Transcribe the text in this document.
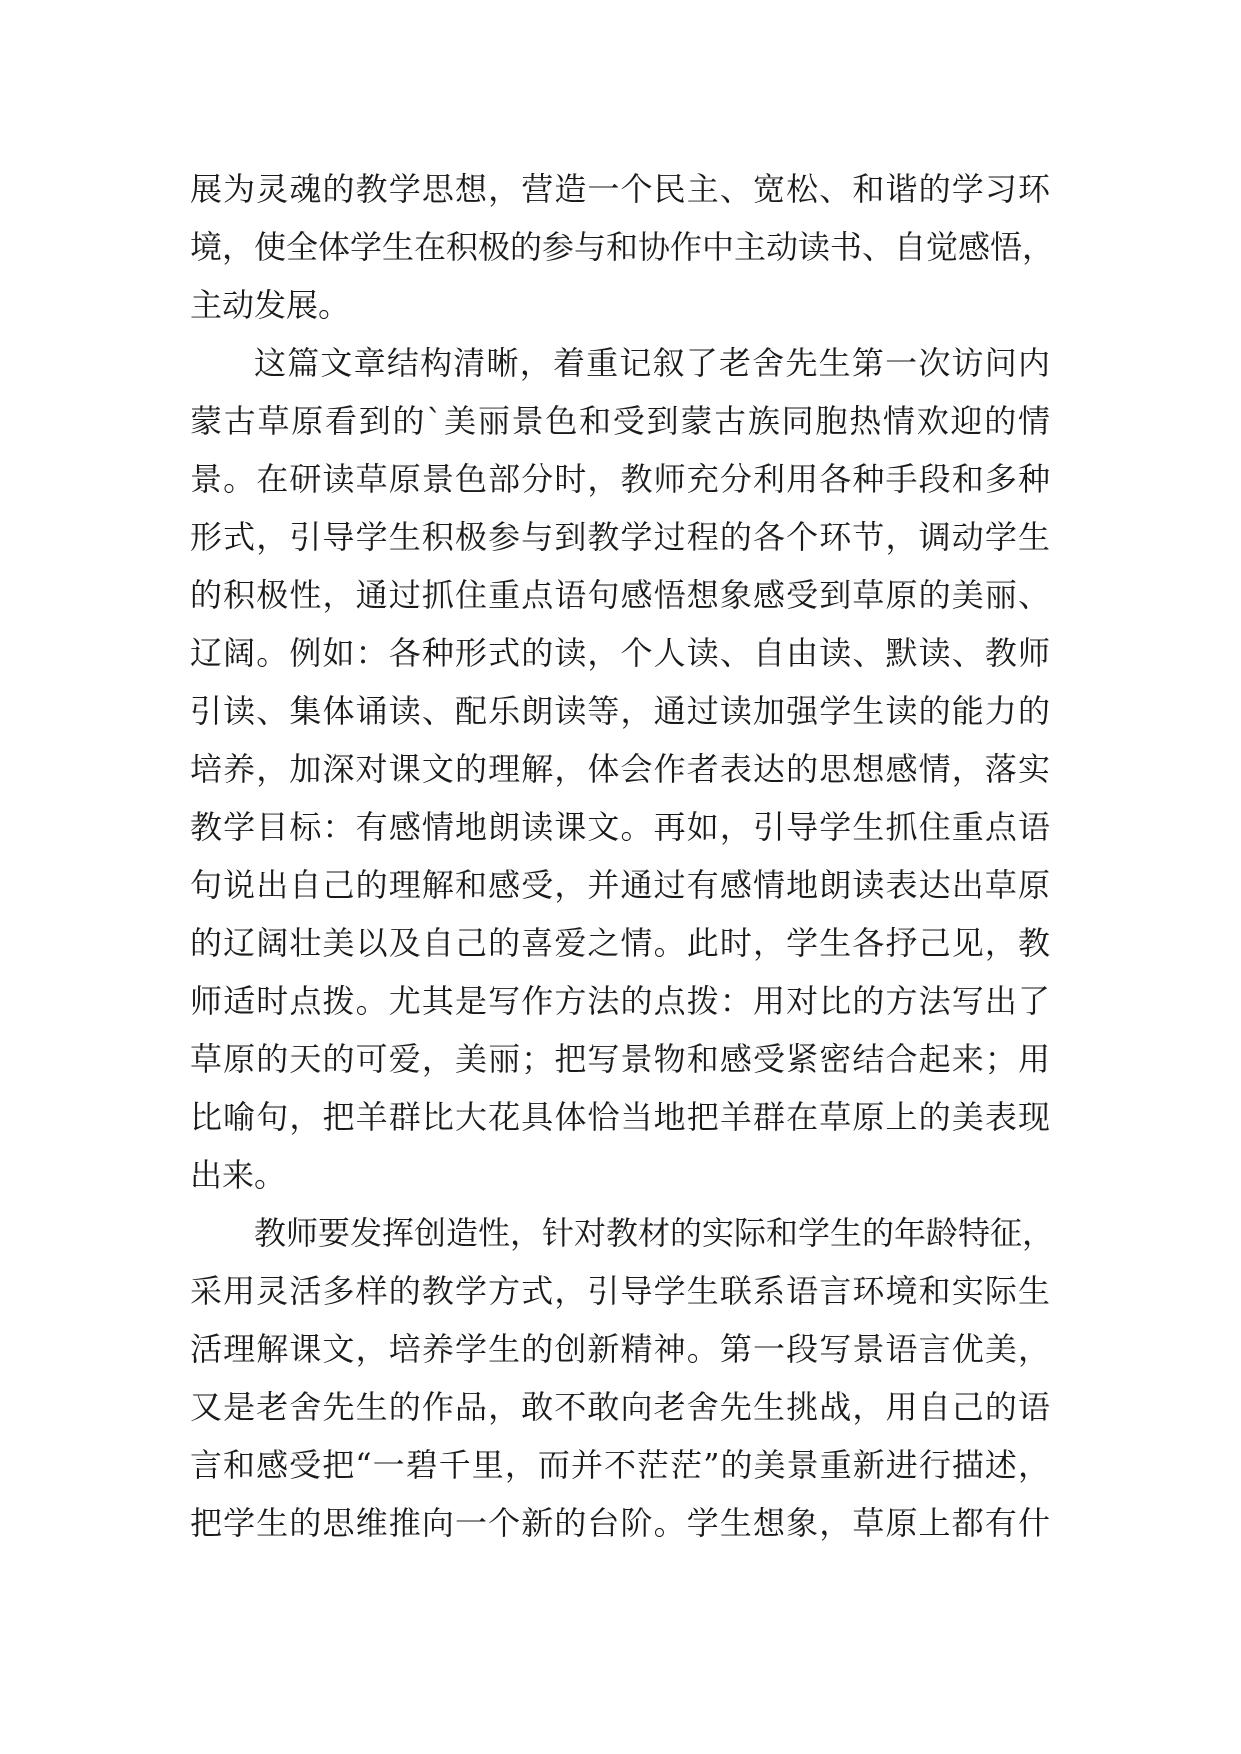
展为灵魂的教学思想，营造一个民主、宽松、和谐的学习环
境，使全体学生在积极的参与和协作中主动读书、自觉感悟，
主动发展。
这篇文章结构清晰，着重记叙了老舍先生第一次访问内
蒙古草原看到的`美丽景色和受到蒙古族同胞热情欢迎的情
景。在研读草原景色部分时，教师充分利用各种手段和多种
形式，引导学生积极参与到教学过程的各个环节，调动学生
的积极性，通过抓住重点语句感悟想象感受到草原的美丽、
辽阔。例如：各种形式的读，个人读、自由读、默读、教师
引读、集体诵读、配乐朗读等，通过读加强学生读的能力的
培养，加深对课文的理解，体会作者表达的思想感情，落实
教学目标：有感情地朗读课文。再如，引导学生抓住重点语
句说出自己的理解和感受，并通过有感情地朗读表达出草原
的辽阔壮美以及自己的喜爱之情。此时，学生各抒己见，教
师适时点拨。尤其是写作方法的点拨：用对比的方法写出了
草原的天的可爱，美丽；把写景物和感受紧密结合起来；用
比喻句，把羊群比大花具体恰当地把羊群在草原上的美表现
出来。
教师要发挥创造性，针对教材的实际和学生的年龄特征，
采用灵活多样的教学方式，引导学生联系语言环境和实际生
活理解课文，培养学生的创新精神。第一段写景语言优美，
又是老舍先生的作品，敢不敢向老舍先生挑战，用自己的语
言和感受把“一碧千里，而并不茫茫”的美景重新进行描述，
把学生的思维推向一个新的台阶。学生想象，草原上都有什
